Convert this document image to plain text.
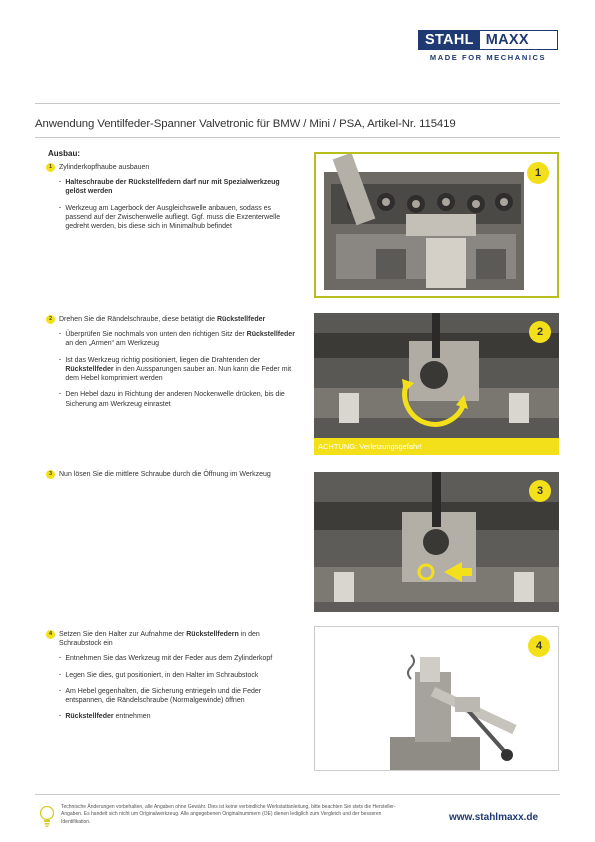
STAHL MAXX
MADE FOR MECHANICS
Anwendung Ventilfeder-Spanner Valvetronic für BMW / Mini / PSA, Artikel-Nr. 115419
Ausbau:
1 Zylinderkopfhaube ausbauen

· Halteschraube der Rückstellfedern darf nur mit Spezialwerkzeug gelöst werden

· Werkzeug am Lagerbock der Ausgleichswelle anbauen, sodass es passend auf der Zwischenwelle aufliegt. Ggf. muss die Exzenterwelle gedreht werden, bis diese sich in Minimalhub befindet

2 Drehen Sie die Rändelschraube, diese betätigt die Rückstellfeder

· Überprüfen Sie nochmals von unten den richtigen Sitz der Rückstellfeder an den „Armen“ am Werkzeug

· Ist das Werkzeug richtig positioniert, liegen die Drahtenden der Rückstellfeder in den Aussparungen sauber an. Nun kann die Feder mit dem Hebel komprimiert werden

· Den Hebel dazu in Richtung der anderen Nockenwelle drücken, bis die Sicherung am Werkzeug einrastet

3 Nun lösen Sie die mittlere Schraube durch die Öffnung im Werkzeug
4 Setzen Sie den Halter zur Aufnahme der Rückstellfedern in den Schraubstock ein

· Entnehmen Sie das Werkzeug mit der Feder aus dem Zylinderkopf

· Legen Sie dies, gut positioniert, in den Halter im Schraubstock

· Am Hebel gegenhalten, die Sicherung entriegeln und die Feder entspannen, die Rändelschraube (Normalgewinde) öffnen

· Rückstellfeder entnehmen

1
2
ACHTUNG: Verletzungsgefahr!
3
4
Technische Änderungen vorbehalten, alle Angaben ohne Gewähr. Dies ist keine verbindliche Werkstattanleitung, bitte beachten Sie stets die Hersteller-Angaben. Es handelt sich nicht um Originalwerkzeug. Alle angegebenen Originalnummern (OE) dienen lediglich zum Vergleich und der besseren Identifikation.	www.stahlmaxx.de
